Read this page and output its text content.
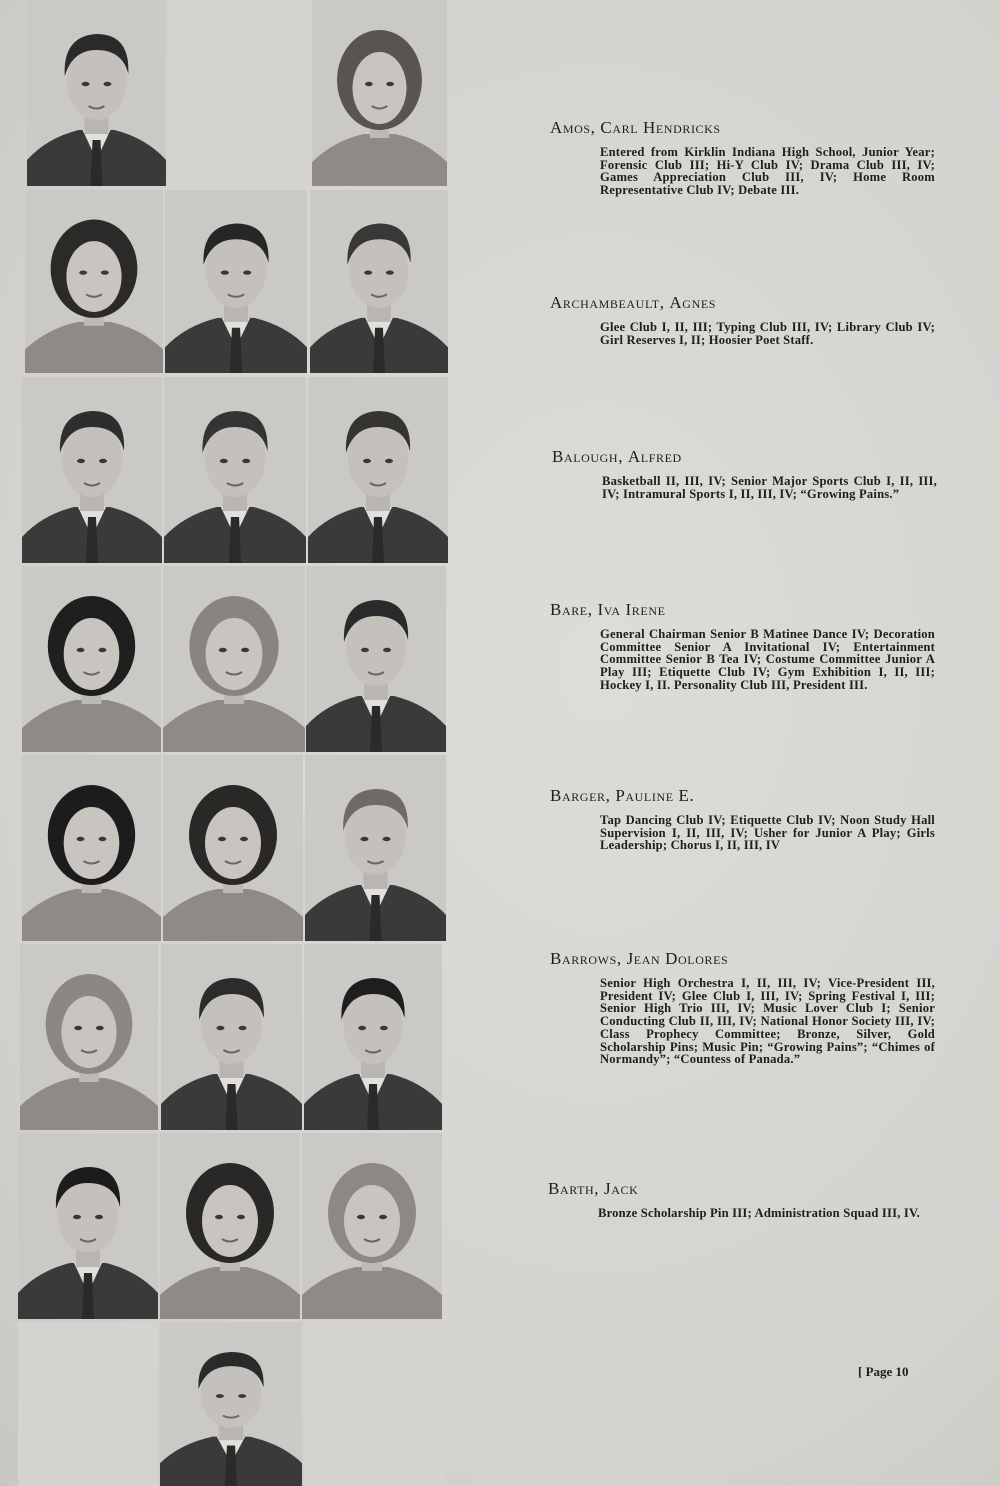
Amos, Carl Hendricks
Entered from Kirklin Indiana High School, Junior Year; Forensic Club III; Hi-Y Club IV; Drama Club III, IV; Games Appreciation Club III, IV; Home Room Representative Club IV; Debate III.
Archambeault, Agnes
Glee Club I, II, III; Typing Club III, IV; Library Club IV; Girl Reserves I, II; Hoosier Poet Staff.
Balough, Alfred
Basketball II, III, IV; Senior Major Sports Club I, II, III, IV; Intramural Sports I, II, III, IV; “Growing Pains.”
Bare, Iva Irene
General Chairman Senior B Matinee Dance IV; Decoration Committee Senior A Invitational IV; Entertainment Committee Senior B Tea IV; Costume Committee Junior A Play III; Etiquette Club IV; Gym Exhibition I, II, III; Hockey I, II. Personality Club III, President III.
Barger, Pauline E.
Tap Dancing Club IV; Etiquette Club IV; Noon Study Hall Supervision I, II, III, IV; Usher for Junior A Play; Girls Leadership; Chorus I, II, III, IV
Barrows, Jean Dolores
Senior High Orchestra I, II, III, IV; Vice-President III, President IV; Glee Club I, III, IV; Spring Festival I, III; Senior High Trio III, IV; Music Lover Club I; Senior Conducting Club II, III, IV; National Honor Society III, IV; Class Prophecy Committee; Bronze, Silver, Gold Scholarship Pins; Music Pin; “Growing Pains”; “Chimes of Normandy”; “Countess of Panada.”
Barth, Jack
Bronze Scholarship Pin III; Administration Squad III, IV.
[ Page 10
